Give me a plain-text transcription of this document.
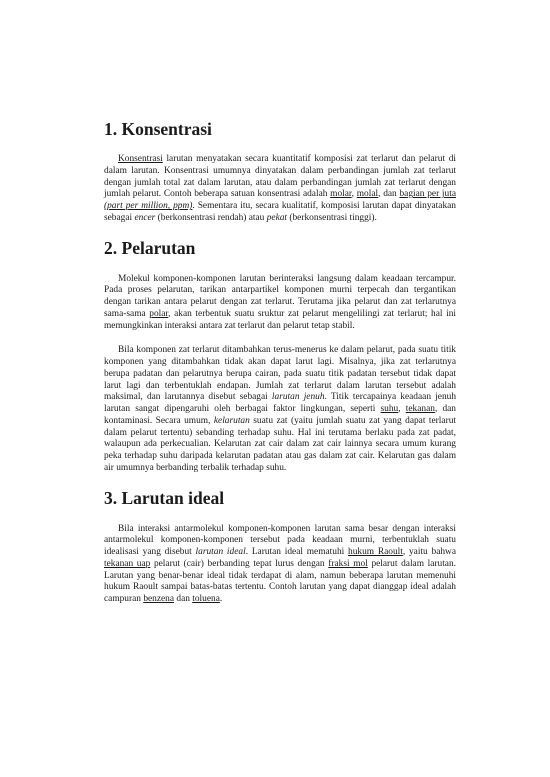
1. Konsentrasi

Konsentrasi larutan menyatakan secara kuantitatif komposisi zat terlarut dan pelarut di dalam larutan. Konsentrasi umumnya dinyatakan dalam perbandingan jumlah zat terlarut dengan jumlah total zat dalam larutan, atau dalam perbandingan jumlah zat terlarut dengan jumlah pelarut. Contoh beberapa satuan konsentrasi adalah molar, molal, dan bagian per juta (part per million, ppm). Sementara itu, secara kualitatif, komposisi larutan dapat dinyatakan sebagai encer (berkonsentrasi rendah) atau pekat (berkonsentrasi tinggi).

2. Pelarutan

Molekul komponen-komponen larutan berinteraksi langsung dalam keadaan tercampur. Pada proses pelarutan, tarikan antarpartikel komponen murni terpecah dan tergantikan dengan tarikan antara pelarut dengan zat terlarut. Terutama jika pelarut dan zat terlarutnya sama-sama polar, akan terbentuk suatu sruktur zat pelarut mengelilingi zat terlarut; hal ini memungkinkan interaksi antara zat terlarut dan pelarut tetap stabil.

Bila komponen zat terlarut ditambahkan terus-menerus ke dalam pelarut, pada suatu titik komponen yang ditambahkan tidak akan dapat larut lagi. Misalnya, jika zat terlarutnya berupa padatan dan pelarutnya berupa cairan, pada suatu titik padatan tersebut tidak dapat larut lagi dan terbentuklah endapan. Jumlah zat terlarut dalam larutan tersebut adalah maksimal, dan larutannya disebut sebagai larutan jenuh. Titik tercapainya keadaan jenuh larutan sangat dipengaruhi oleh berbagai faktor lingkungan, seperti suhu, tekanan, dan kontaminasi. Secara umum, kelarutan suatu zat (yaitu jumlah suatu zat yang dapat terlarut dalam pelarut tertentu) sebanding terhadap suhu. Hal ini terutama berlaku pada zat padat, walaupun ada perkecualian. Kelarutan zat cair dalam zat cair lainnya secara umum kurang peka terhadap suhu daripada kelarutan padatan atau gas dalam zat cair. Kelarutan gas dalam air umumnya berbanding terbalik terhadap suhu.

3. Larutan ideal

Bila interaksi antarmolekul komponen-komponen larutan sama besar dengan interaksi antarmolekul komponen-komponen tersebut pada keadaan murni, terbentuklah suatu idealisasi yang disebut larutan ideal. Larutan ideal mematuhi hukum Raoult, yaitu bahwa tekanan uap pelarut (cair) berbanding tepat lurus dengan fraksi mol pelarut dalam larutan. Larutan yang benar-benar ideal tidak terdapat di alam, namun beberapa larutan memenuhi hukum Raoult sampai batas-batas tertentu. Contoh larutan yang dapat dianggap ideal adalah campuran benzena dan toluena.
